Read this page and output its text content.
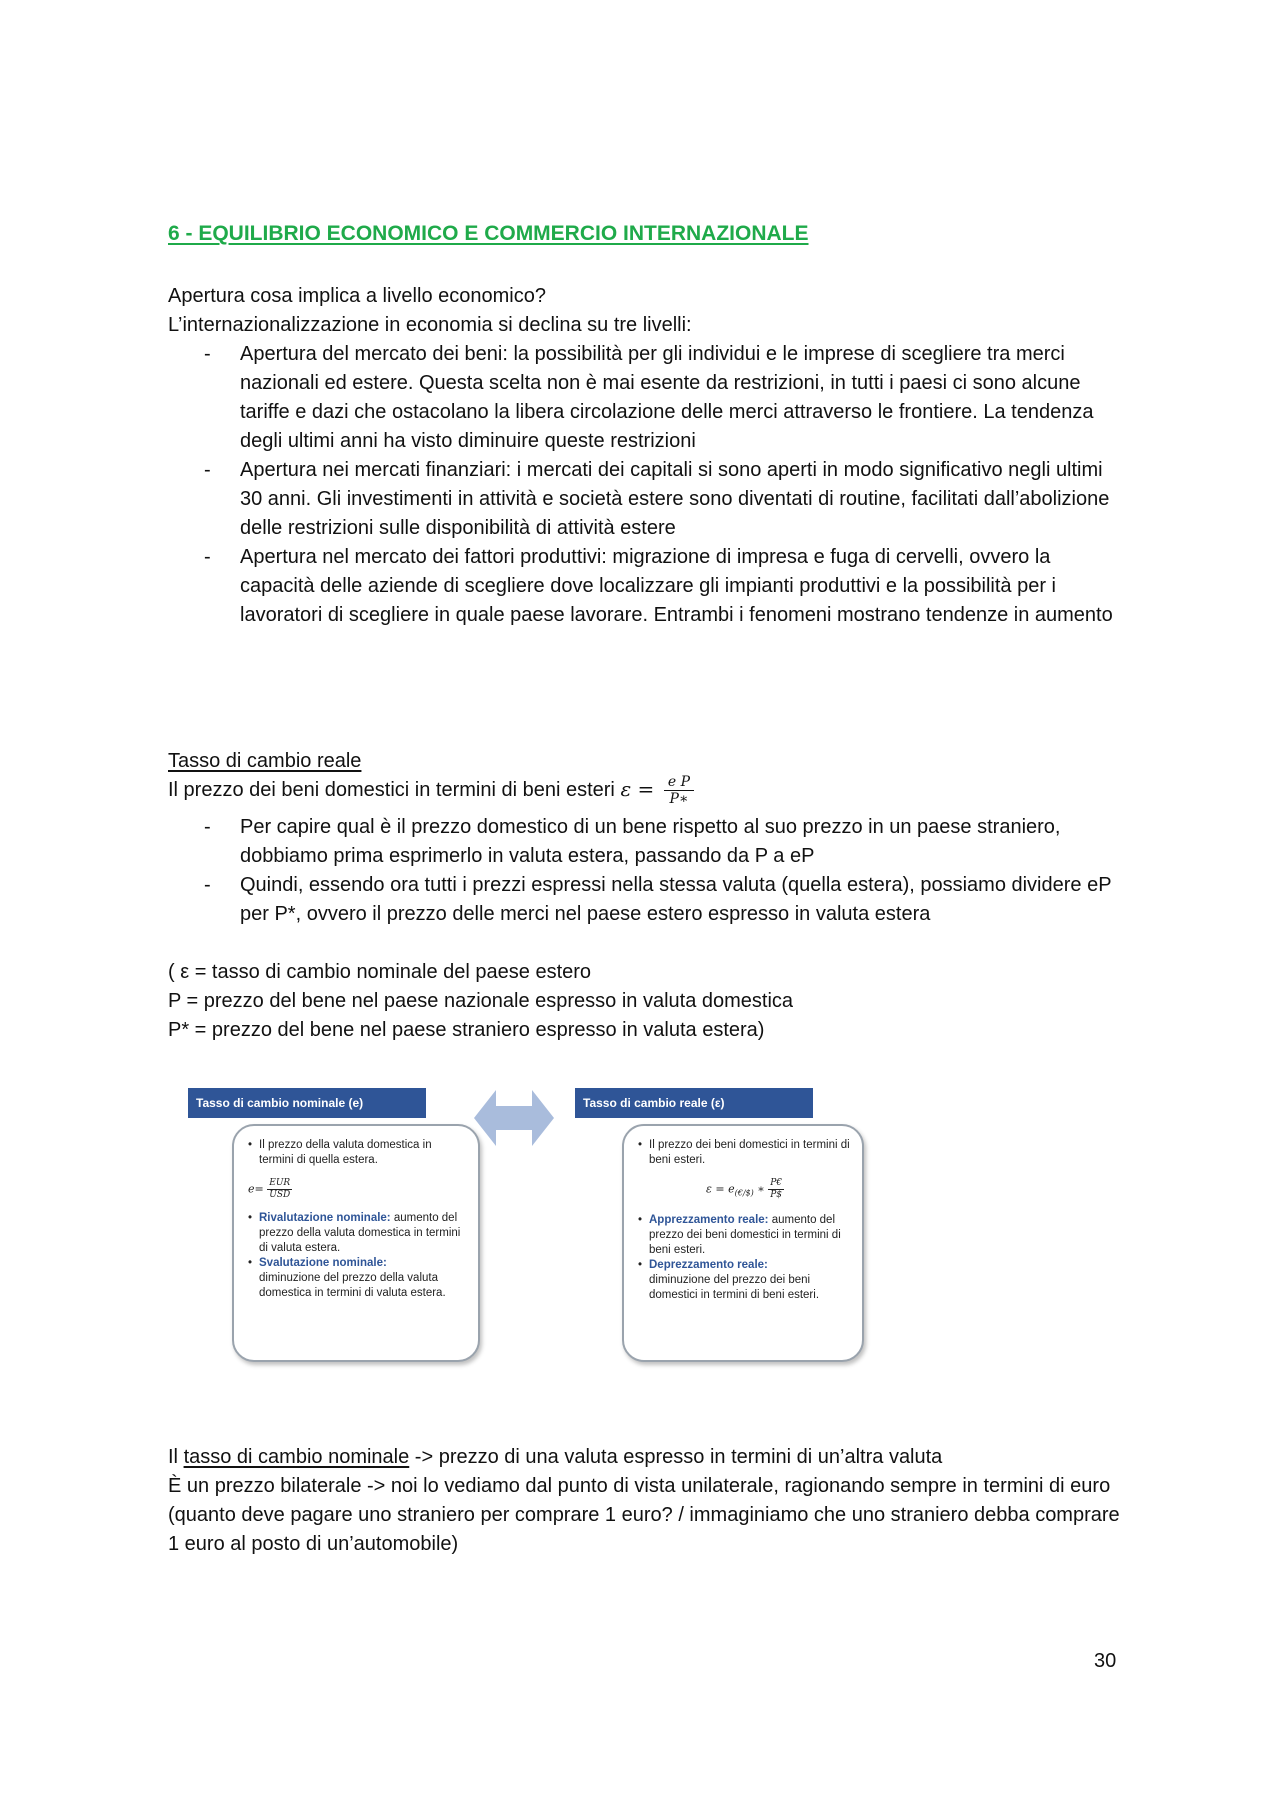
6 - EQUILIBRIO ECONOMICO E COMMERCIO INTERNAZIONALE
Apertura cosa implica a livello economico?
L’internazionalizzazione in economia si declina su tre livelli:
- Apertura del mercato dei beni: la possibilità per gli individui e le imprese di scegliere tra merci nazionali ed estere. Questa scelta non è mai esente da restrizioni, in tutti i paesi ci sono alcune tariffe e dazi che ostacolano la libera circolazione delle merci attraverso le frontiere. La tendenza degli ultimi anni ha visto diminuire queste restrizioni
- Apertura nei mercati finanziari: i mercati dei capitali si sono aperti in modo significativo negli ultimi 30 anni. Gli investimenti in attività e società estere sono diventati di routine, facilitati dall’abolizione delle restrizioni sulle disponibilità di attività estere
- Apertura nel mercato dei fattori produttivi: migrazione di impresa e fuga di cervelli, ovvero la capacità delle aziende di scegliere dove localizzare gli impianti produttivi e la possibilità per i lavoratori di scegliere in quale paese lavorare. Entrambi i fenomeni mostrano tendenze in aumento
Tasso di cambio reale
Il prezzo dei beni domestici in termini di beni esteri $\varepsilon = \frac{\text{e P}}{P∗}$
- Per capire qual è il prezzo domestico di un bene rispetto al suo prezzo in un paese straniero, dobbiamo prima esprimerlo in valuta estera, passando da P a eP
- Quindi, essendo ora tutti i prezzi espressi nella stessa valuta (quella estera), possiamo dividere eP per P*, ovvero il prezzo delle merci nel paese estero espresso in valuta estera
( ε = tasso di cambio nominale del paese estero
P = prezzo del bene nel paese nazionale espresso in valuta domestica
P* = prezzo del bene nel paese straniero espresso in valuta estera)
Tasso di cambio nominale (e)
• Il prezzo della valuta domestica in termini di quella estera.
e= EUR
USD
• Rivalutazione nominale: aumento del prezzo della valuta domestica in termini di valuta estera.
• Svalutazione nominale:
diminuzione del prezzo della valuta domestica in termini di valuta estera.
Tasso di cambio reale (ε)
• Il prezzo dei beni domestici in termini di beni esteri.
$\varepsilon = e_{(€/\$)}$ ∗ $\frac{P€}{P\$}$
• Apprezzamento reale: aumento del prezzo dei beni domestici in termini di beni esteri.
• Deprezzamento reale:
diminuzione del prezzo dei beni domestici in termini di beni esteri.
Il tasso di cambio nominale -> prezzo di una valuta espresso in termini di un’altra valuta
È un prezzo bilaterale -> noi lo vediamo dal punto di vista unilaterale, ragionando sempre in termini di euro (quanto deve pagare uno straniero per comprare 1 euro? / immaginiamo che uno straniero debba comprare 1 euro al posto di un’automobile)
30
